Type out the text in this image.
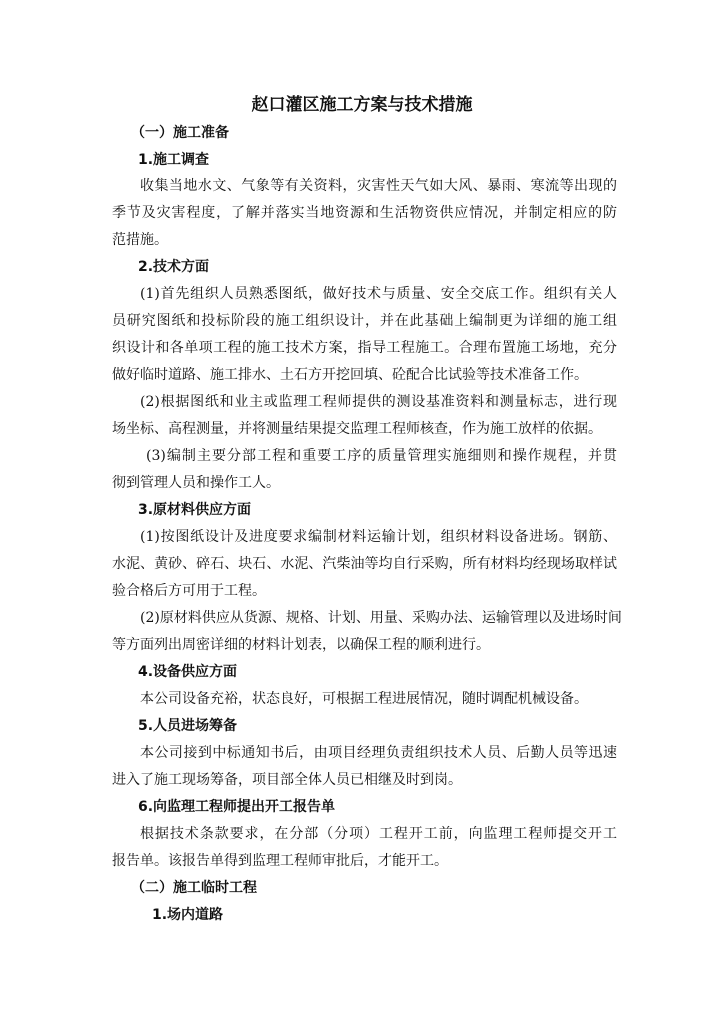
赵口灌区施工方案与技术措施
（一）施工准备
1.施工调查
收集当地水文、气象等有关资料，灾害性天气如大风、暴雨、寒流等出现的
季节及灾害程度，了解并落实当地资源和生活物资供应情况，并制定相应的防
范措施。
2.技术方面
(1)首先组织人员熟悉图纸，做好技术与质量、安全交底工作。组织有关人
员研究图纸和投标阶段的施工组织设计，并在此基础上编制更为详细的施工组
织设计和各单项工程的施工技术方案，指导工程施工。合理布置施工场地，充分
做好临时道路、施工排水、土石方开挖回填、砼配合比试验等技术准备工作。
(2)根据图纸和业主或监理工程师提供的测设基准资料和测量标志，进行现
场坐标、高程测量，并将测量结果提交监理工程师核查，作为施工放样的依据。
(3)编制主要分部工程和重要工序的质量管理实施细则和操作规程，并贯
彻到管理人员和操作工人。
3.原材料供应方面
(1)按图纸设计及进度要求编制材料运输计划，组织材料设备进场。钢筋、
水泥、黄砂、碎石、块石、水泥、汽柴油等均自行采购，所有材料均经现场取样试
验合格后方可用于工程。
(2)原材料供应从货源、规格、计划、用量、采购办法、运输管理以及进场时间
等方面列出周密详细的材料计划表，以确保工程的顺利进行。
4.设备供应方面
本公司设备充裕，状态良好，可根据工程进展情况，随时调配机械设备。
5.人员进场筹备
本公司接到中标通知书后，由项目经理负责组织技术人员、后勤人员等迅速
进入了施工现场筹备，项目部全体人员已相继及时到岗。
6.向监理工程师提出开工报告单
根据技术条款要求，在分部（分项）工程开工前，向监理工程师提交开工
报告单。该报告单得到监理工程师审批后，才能开工。
（二）施工临时工程
1.场内道路
